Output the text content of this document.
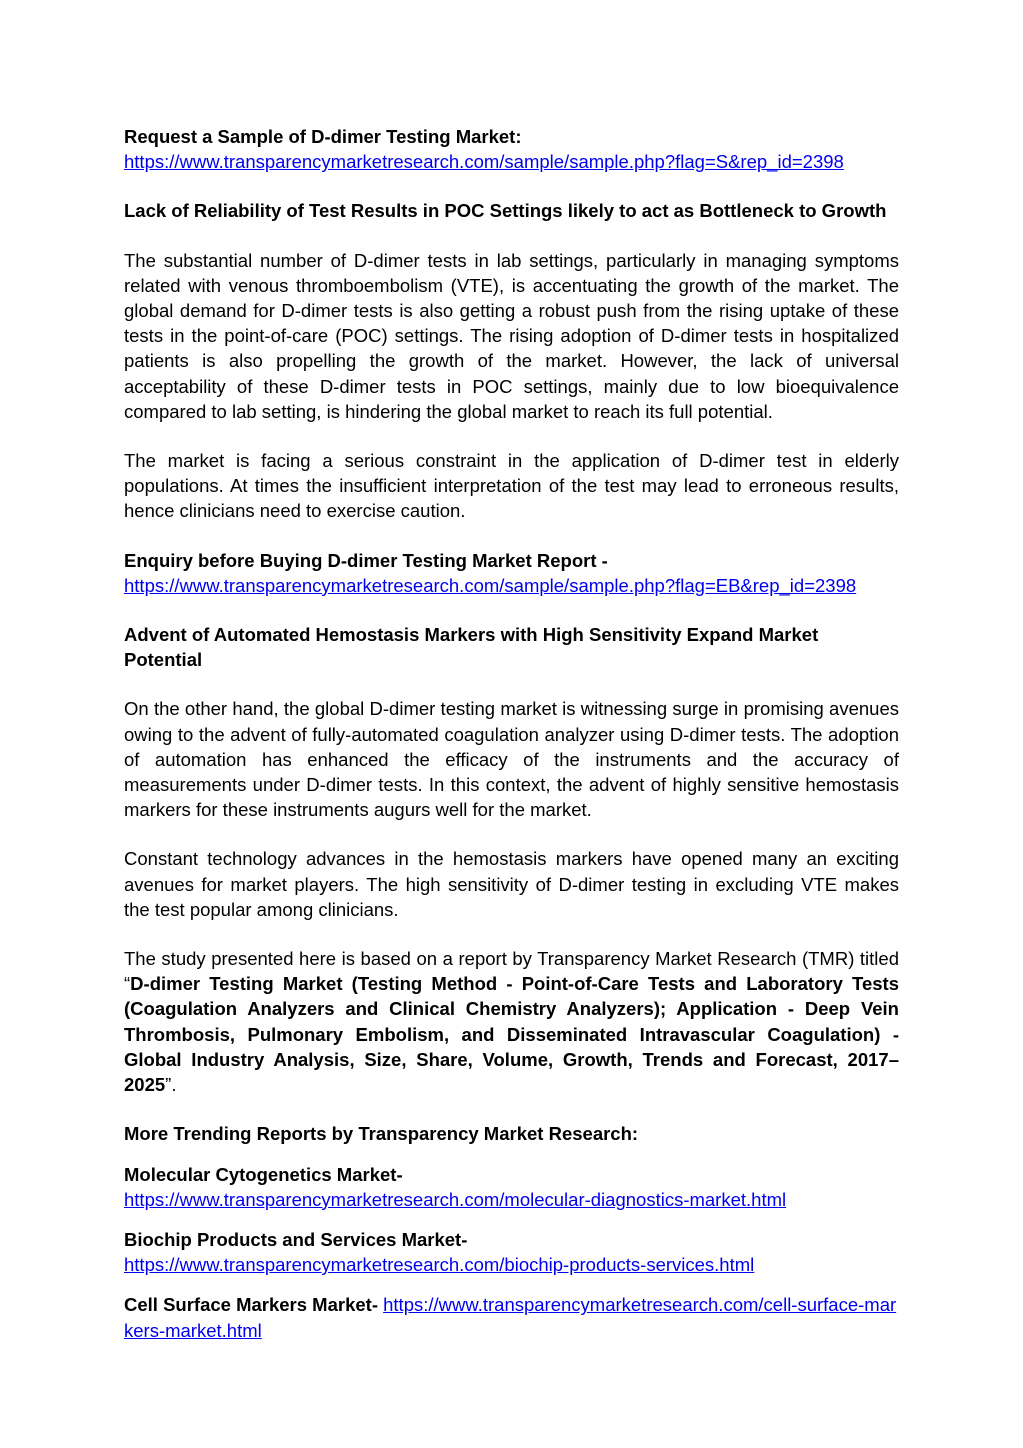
Request a Sample of D-dimer Testing Market:
https://www.transparencymarketresearch.com/sample/sample.php?flag=S&rep_id=2398
Lack of Reliability of Test Results in POC Settings likely to act as Bottleneck to Growth

The substantial number of D-dimer tests in lab settings, particularly in managing symptoms related with venous thromboembolism (VTE), is accentuating the growth of the market. The global demand for D-dimer tests is also getting a robust push from the rising uptake of these tests in the point-of-care (POC) settings. The rising adoption of D-dimer tests in hospitalized patients is also propelling the growth of the market. However, the lack of universal acceptability of these D-dimer tests in POC settings, mainly due to low bioequivalence compared to lab setting, is hindering the global market to reach its full potential.

The market is facing a serious constraint in the application of D-dimer test in elderly populations. At times the insufficient interpretation of the test may lead to erroneous results, hence clinicians need to exercise caution.

Enquiry before Buying D-dimer Testing Market Report -
https://www.transparencymarketresearch.com/sample/sample.php?flag=EB&rep_id=2398
Advent of Automated Hemostasis Markers with High Sensitivity Expand Market Potential

On the other hand, the global D-dimer testing market is witnessing surge in promising avenues owing to the advent of fully-automated coagulation analyzer using D-dimer tests. The adoption of automation has enhanced the efficacy of the instruments and the accuracy of measurements under D-dimer tests. In this context, the advent of highly sensitive hemostasis markers for these instruments augurs well for the market.

Constant technology advances in the hemostasis markers have opened many an exciting avenues for market players. The high sensitivity of D-dimer testing in excluding VTE makes the test popular among clinicians.

The study presented here is based on a report by Transparency Market Research (TMR) titled “D-dimer Testing Market (Testing Method - Point-of-Care Tests and Laboratory Tests (Coagulation Analyzers and Clinical Chemistry Analyzers); Application - Deep Vein Thrombosis, Pulmonary Embolism, and Disseminated Intravascular Coagulation) - Global Industry Analysis, Size, Share, Volume, Growth, Trends and Forecast, 2017–2025”.

More Trending Reports by Transparency Market Research:
Molecular Cytogenetics Market-
https://www.transparencymarketresearch.com/molecular-diagnostics-market.html
Biochip Products and Services Market-
https://www.transparencymarketresearch.com/biochip-products-services.html
Cell Surface Markers Market- https://www.transparencymarketresearch.com/cell-surface-markers-market.html
